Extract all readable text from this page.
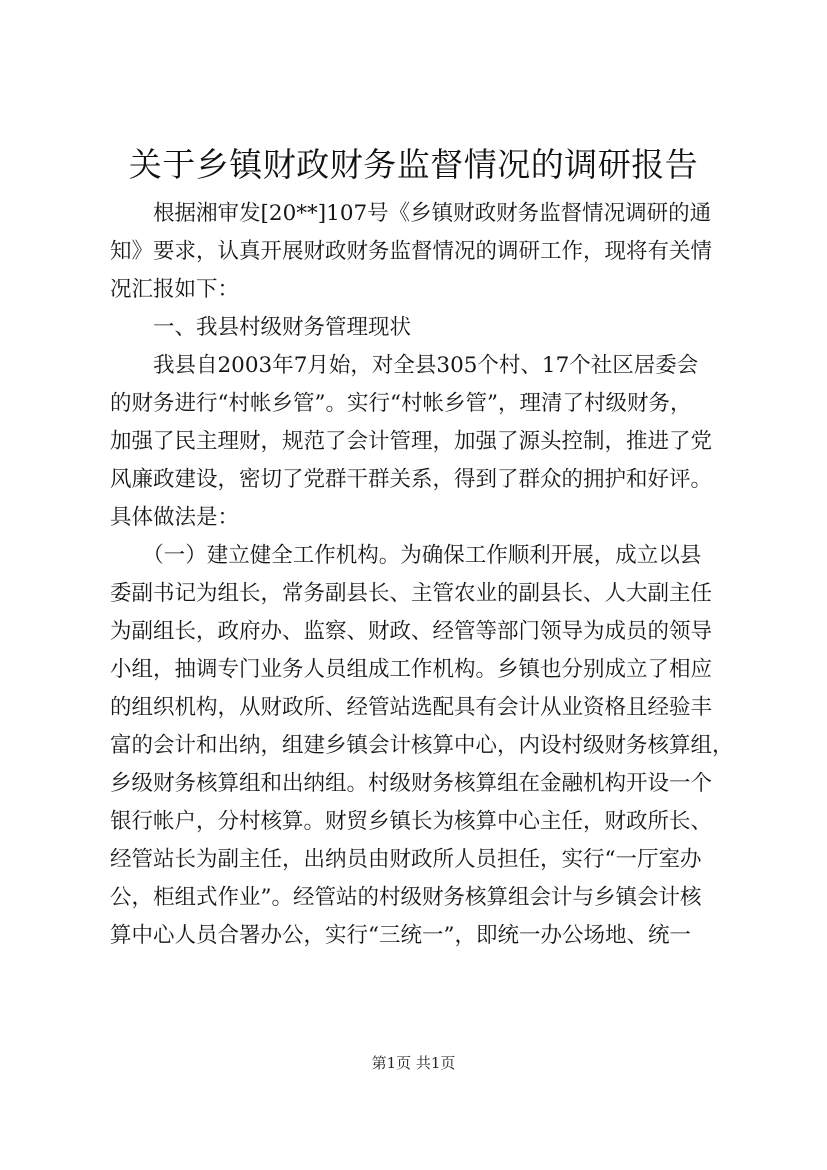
关于乡镇财政财务监督情况的调研报告
　　根据湘审发[20**]107号《乡镇财政财务监督情况调研的通
知》要求，认真开展财政财务监督情况的调研工作，现将有关情
况汇报如下：
　　一、我县村级财务管理现状
　　我县自2003年7月始，对全县305个村、17个社区居委会
的财务进行“村帐乡管”。实行“村帐乡管”，理清了村级财务，
加强了民主理财，规范了会计管理，加强了源头控制，推进了党
风廉政建设，密切了党群干群关系，得到了群众的拥护和好评。
具体做法是：
　　（一）建立健全工作机构。为确保工作顺利开展，成立以县
委副书记为组长，常务副县长、主管农业的副县长、人大副主任
为副组长，政府办、监察、财政、经管等部门领导为成员的领导
小组，抽调专门业务人员组成工作机构。乡镇也分别成立了相应
的组织机构，从财政所、经管站选配具有会计从业资格且经验丰
富的会计和出纳，组建乡镇会计核算中心，内设村级财务核算组，
乡级财务核算组和出纳组。村级财务核算组在金融机构开设一个
银行帐户，分村核算。财贸乡镇长为核算中心主任，财政所长、
经管站长为副主任，出纳员由财政所人员担任，实行“一厅室办
公，柜组式作业”。经管站的村级财务核算组会计与乡镇会计核
算中心人员合署办公，实行“三统一”，即统一办公场地、统一
第1页 共1页
